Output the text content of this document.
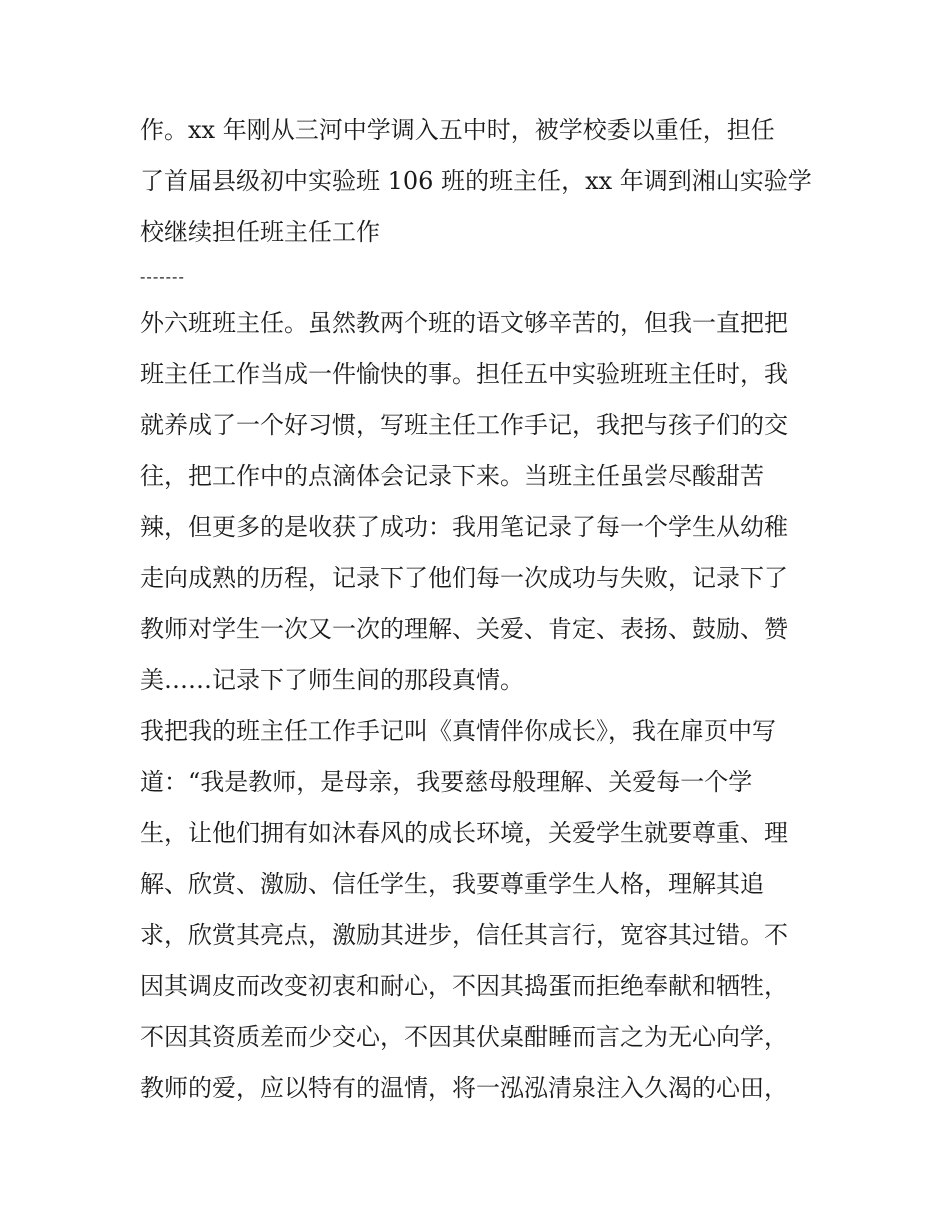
作。xx 年刚从三河中学调入五中时，被学校委以重任，担任
了首届县级初中实验班 106 班的班主任，xx 年调到湘山实验学
校继续担任班主任工作
-------
外六班班主任。虽然教两个班的语文够辛苦的，但我一直把把
班主任工作当成一件愉快的事。担任五中实验班班主任时，我
就养成了一个好习惯，写班主任工作手记，我把与孩子们的交
往，把工作中的点滴体会记录下来。当班主任虽尝尽酸甜苦
辣，但更多的是收获了成功：我用笔记录了每一个学生从幼稚
走向成熟的历程，记录下了他们每一次成功与失败，记录下了
教师对学生一次又一次的理解、关爱、肯定、表扬、鼓励、赞
美……记录下了师生间的那段真情。
我把我的班主任工作手记叫《真情伴你成长》，我在扉页中写
道：“我是教师，是母亲，我要慈母般理解、关爱每一个学
生，让他们拥有如沐春风的成长环境，关爱学生就要尊重、理
解、欣赏、激励、信任学生，我要尊重学生人格，理解其追
求，欣赏其亮点，激励其进步，信任其言行，宽容其过错。不
因其调皮而改变初衷和耐心，不因其捣蛋而拒绝奉献和牺牲，
不因其资质差而少交心，不因其伏桌酣睡而言之为无心向学，
教师的爱，应以特有的温情，将一泓泓清泉注入久渴的心田，
